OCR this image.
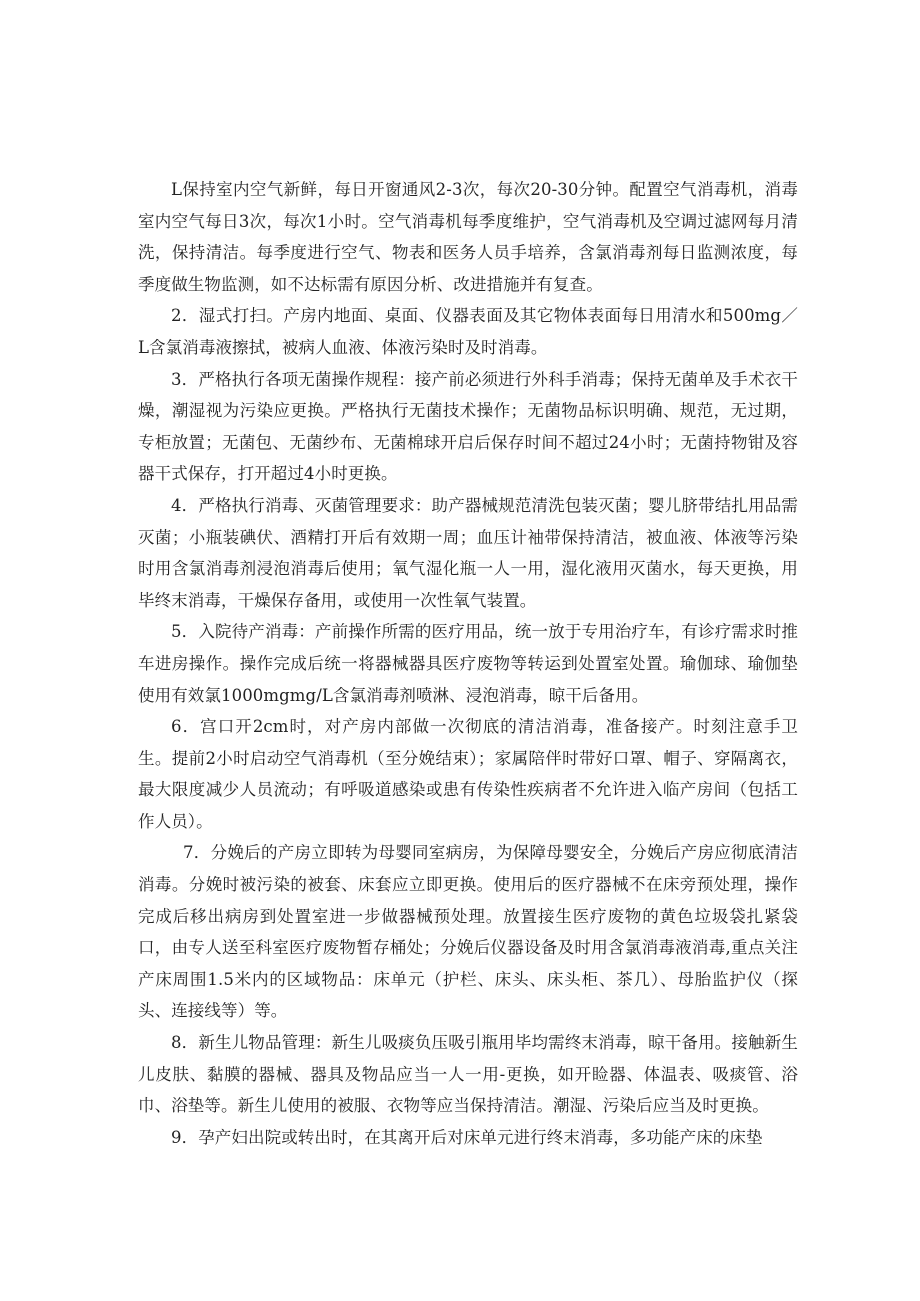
L保持室内空气新鲜，每日开窗通风2-3次，每次20-30分钟。配置空气消毒机，消毒室内空气每日3次，每次1小时。空气消毒机每季度维护，空气消毒机及空调过滤网每月清洗，保持清洁。每季度进行空气、物表和医务人员手培养，含氯消毒剂每日监测浓度，每季度做生物监测，如不达标需有原因分析、改进措施并有复查。

2．湿式打扫。产房内地面、桌面、仪器表面及其它物体表面每日用清水和500mg／L含氯消毒液擦拭，被病人血液、体液污染时及时消毒。

3．严格执行各项无菌操作规程：接产前必须进行外科手消毒；保持无菌单及手术衣干燥，潮湿视为污染应更换。严格执行无菌技术操作；无菌物品标识明确、规范，无过期，专柜放置；无菌包、无菌纱布、无菌棉球开启后保存时间不超过24小时；无菌持物钳及容器干式保存，打开超过4小时更换。

4．严格执行消毒、灭菌管理要求：助产器械规范清洗包装灭菌；婴儿脐带结扎用品需灭菌；小瓶装碘伏、酒精打开后有效期一周；血压计袖带保持清洁，被血液、体液等污染时用含氯消毒剂浸泡消毒后使用；氧气湿化瓶一人一用，湿化液用灭菌水，每天更换，用毕终末消毒，干燥保存备用，或使用一次性氧气装置。

5．入院待产消毒：产前操作所需的医疗用品，统一放于专用治疗车，有诊疗需求时推车进房操作。操作完成后统一将器械器具医疗废物等转运到处置室处置。瑜伽球、瑜伽垫使用有效氯1000mgmg/L含氯消毒剂喷淋、浸泡消毒，晾干后备用。

6．宫口开2cm时，对产房内部做一次彻底的清洁消毒，准备接产。时刻注意手卫生。提前2小时启动空气消毒机（至分娩结束）；家属陪伴时带好口罩、帽子、穿隔离衣，最大限度减少人员流动；有呼吸道感染或患有传染性疾病者不允许进入临产房间（包括工作人员）。

7．分娩后的产房立即转为母婴同室病房，为保障母婴安全，分娩后产房应彻底清洁消毒。分娩时被污染的被套、床套应立即更换。使用后的医疗器械不在床旁预处理，操作完成后移出病房到处置室进一步做器械预处理。放置接生医疗废物的黄色垃圾袋扎紧袋口，由专人送至科室医疗废物暂存桶处；分娩后仪器设备及时用含氯消毒液消毒,重点关注产床周围1.5米内的区域物品：床单元（护栏、床头、床头柜、茶几）、母胎监护仪（探头、连接线等）等。

8．新生儿物品管理：新生儿吸痰负压吸引瓶用毕均需终末消毒，晾干备用。接触新生儿皮肤、黏膜的器械、器具及物品应当一人一用-更换，如开睑器、体温表、吸痰管、浴巾、浴垫等。新生儿使用的被服、衣物等应当保持清洁。潮湿、污染后应当及时更换。

9．孕产妇出院或转出时，在其离开后对床单元进行终末消毒，多功能产床的床垫
